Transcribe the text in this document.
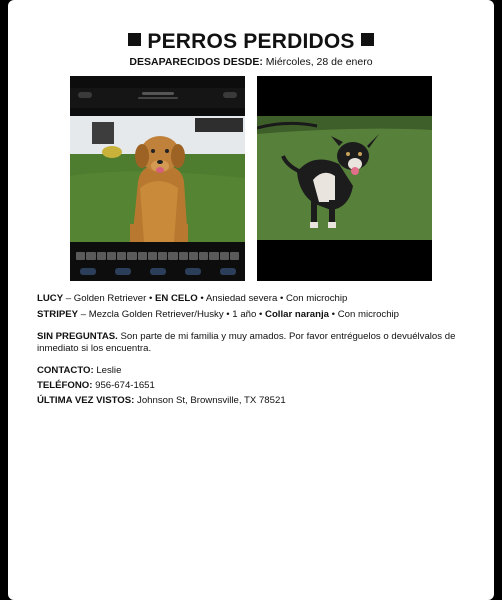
PERROS PERDIDOS
DESAPARECIDOS DESDE: Miércoles, 28 de enero
LUCY – Golden Retriever • EN CELO • Ansiedad severa • Con microchip
STRIPEY – Mezcla Golden Retriever/Husky • 1 año • Collar naranja • Con microchip
SIN PREGUNTAS. Son parte de mi familia y muy amados. Por favor entréguelos o devuélvalos de inmediato si los encuentra.
CONTACTO: Leslie
TELÉFONO: 956-674-1651
ÚLTIMA VEZ VISTOS: Johnson St, Brownsville, TX 78521
